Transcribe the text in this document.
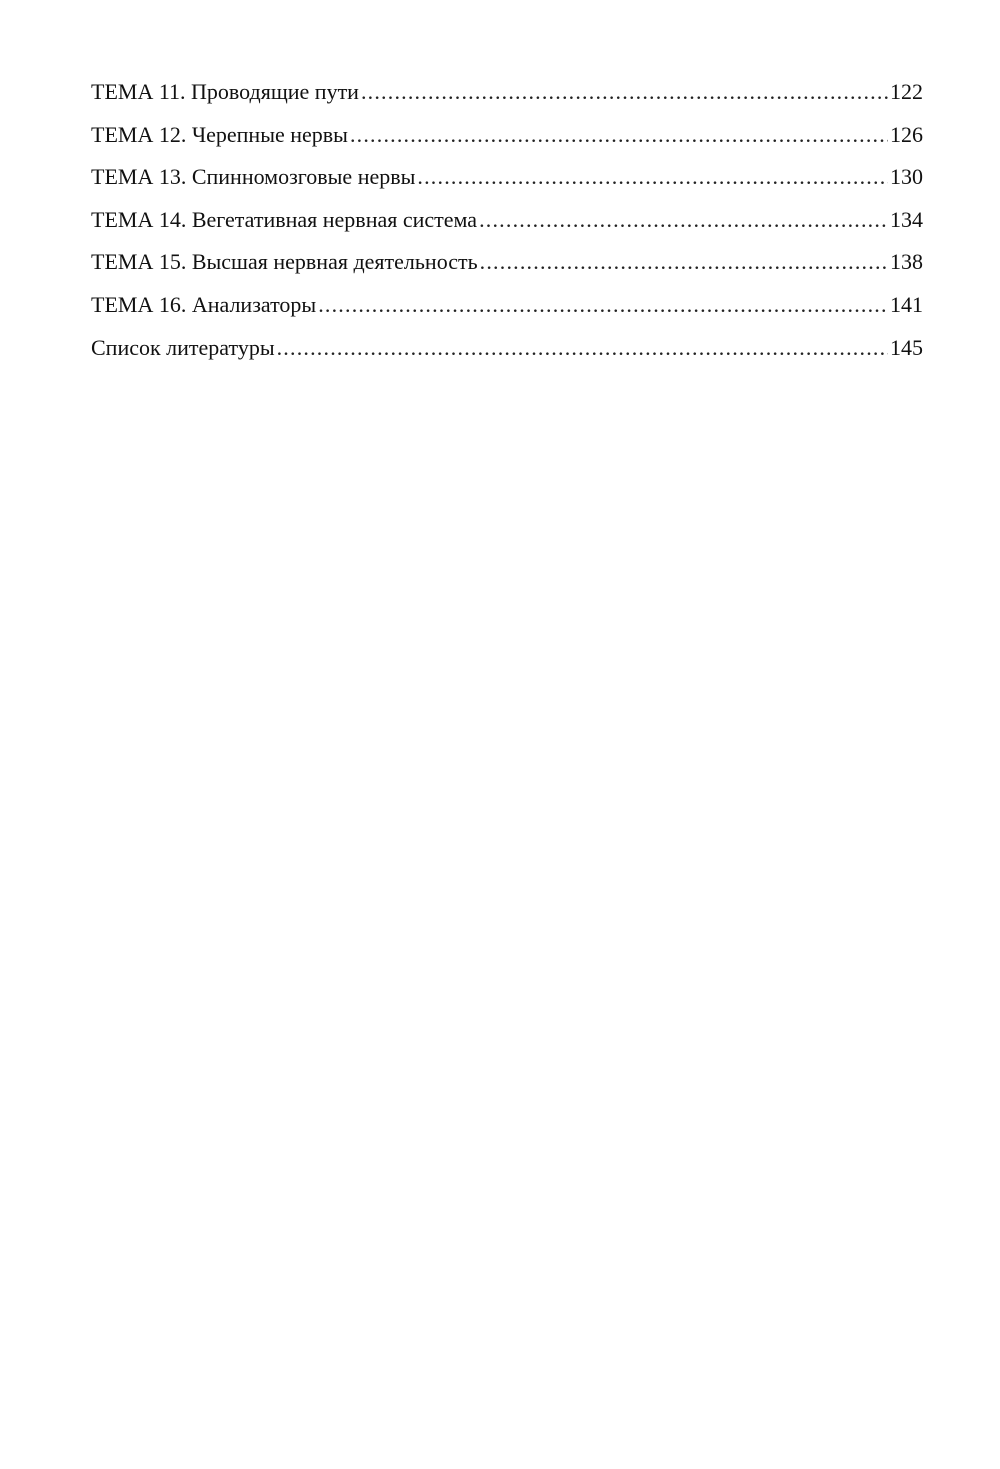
ТЕМА 11. Проводящие пути .....	122
ТЕМА 12. Черепные нервы .....	126
ТЕМА 13. Спинномозговые нервы .....	130
ТЕМА 14. Вегетативная нервная система .....	134
ТЕМА 15. Высшая нервная деятельность .....	138
ТЕМА 16. Анализаторы .....	141
Список литературы .....	145
